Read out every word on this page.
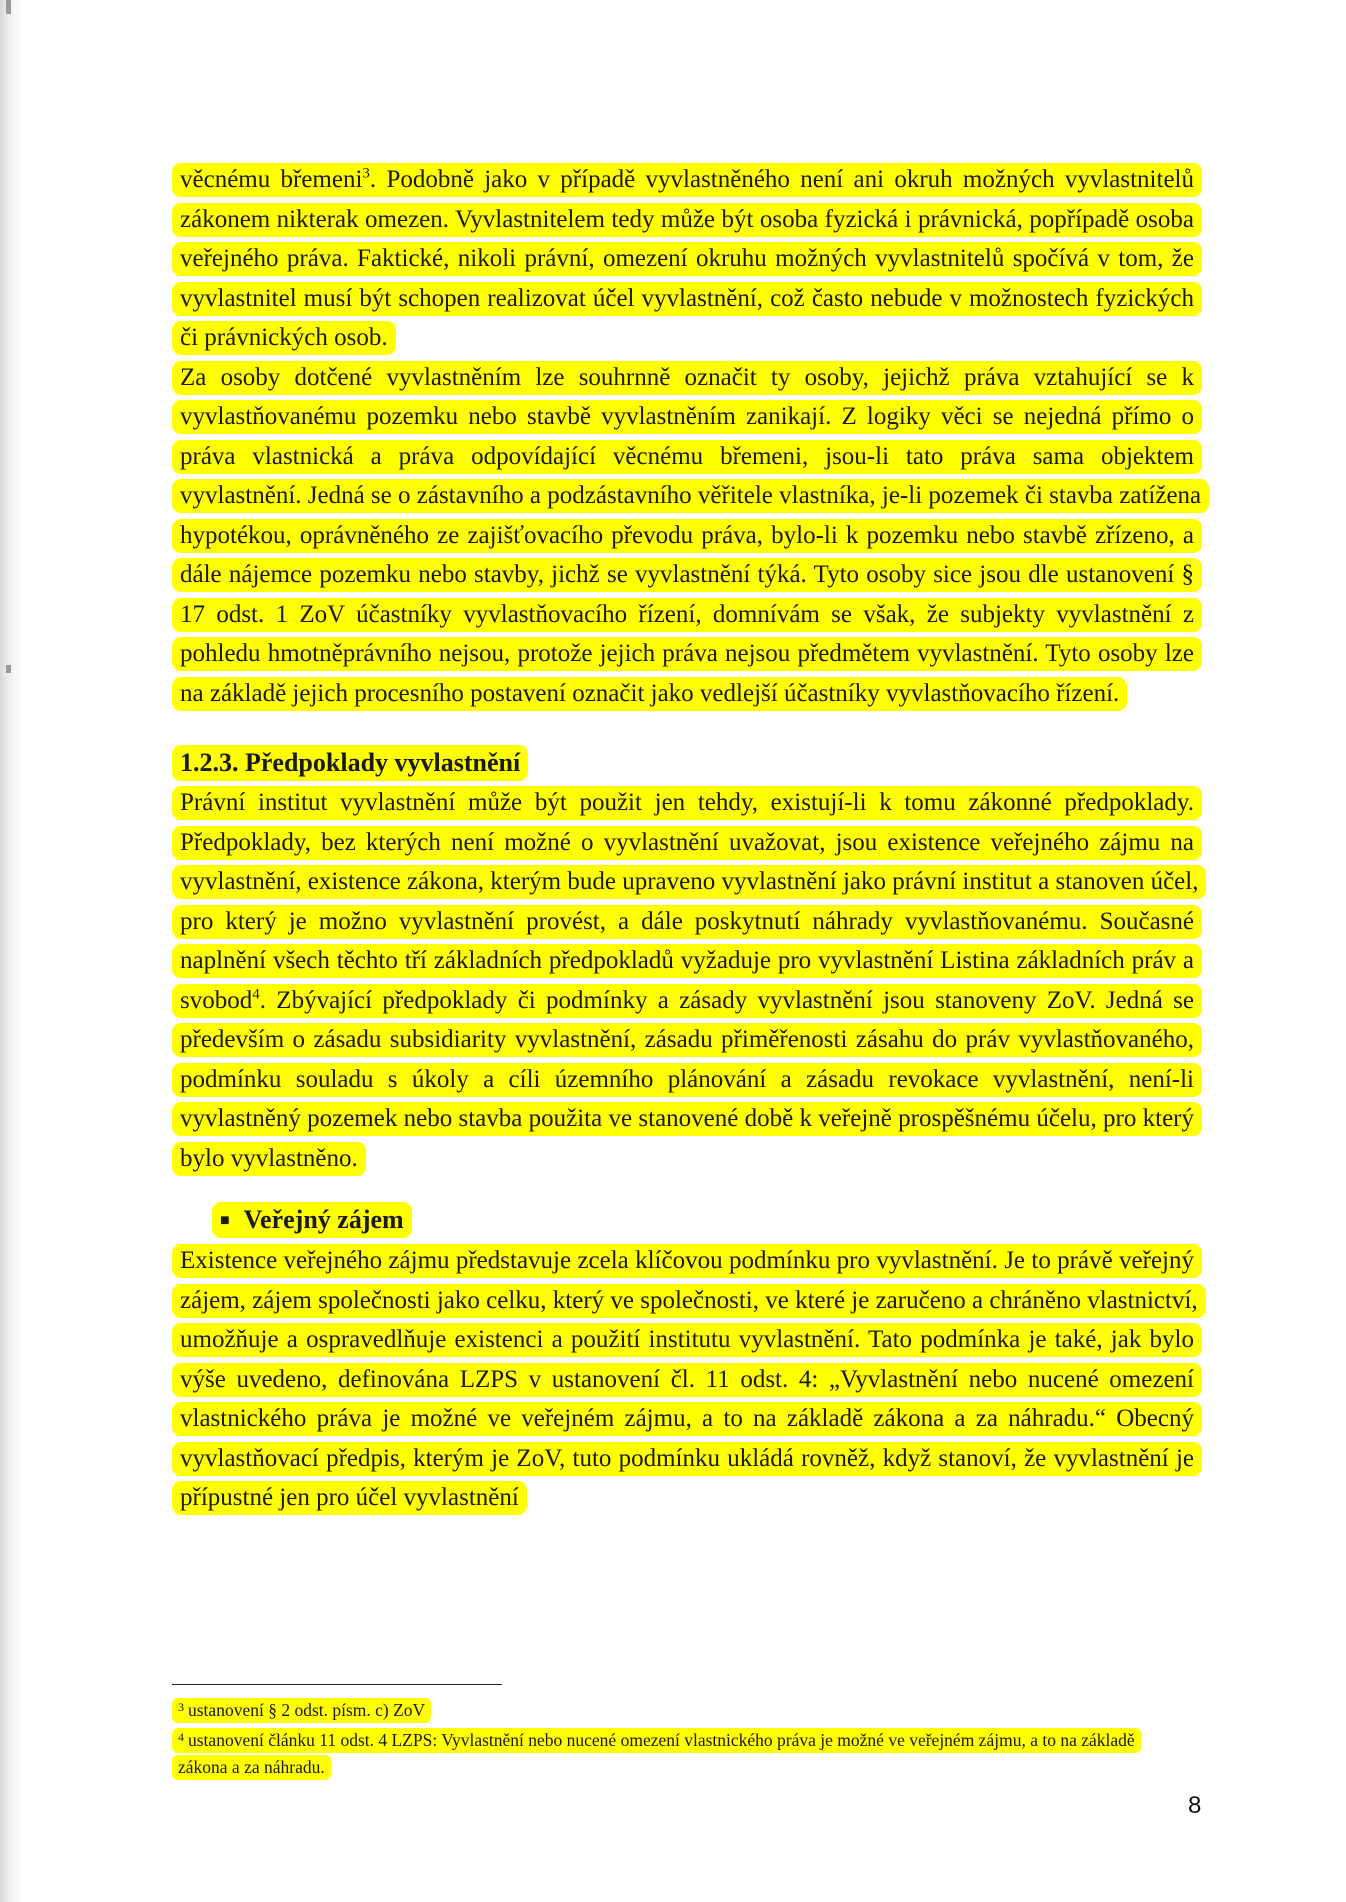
věcnému břemeni$^3$. Podobně jako v případě vyvlastněného není ani okruh možných vyvlastnitelů zákonem nikterak omezen. Vyvlastnitelem tedy může být osoba fyzická i právnická, popřípadě osoba veřejného práva. Faktické, nikoli právní, omezení okruhu možných vyvlastnitelů spočívá v tom, že vyvlastnitel musí být schopen realizovat účel vyvlastnění, což často nebude v možnostech fyzických či právnických osob.

Za osoby dotčené vyvlastněním lze souhrnně označit ty osoby, jejichž práva vztahující se k vyvlastňovanému pozemku nebo stavbě vyvlastněním zanikají. Z logiky věci se nejedná přímo o práva vlastnická a práva odpovídající věcnému břemeni, jsou-li tato práva sama objektem vyvlastnění. Jedná se o zástavního a podzástavního věřitele vlastníka, je-li pozemek či stavba zatížena hypotékou, oprávněného ze zajišťovacího převodu práva, bylo-li k pozemku nebo stavbě zřízeno, a dále nájemce pozemku nebo stavby, jichž se vyvlastnění týká. Tyto osoby sice jsou dle ustanovení § 17 odst. 1 ZoV účastníky vyvlastňovacího řízení, domnívám se však, že subjekty vyvlastnění z pohledu hmotněprávního nejsou, protože jejich práva nejsou předmětem vyvlastnění. Tyto osoby lze na základě jejich procesního postavení označit jako vedlejší účastníky vyvlastňovacího řízení.

1.2.3. Předpoklady vyvlastnění

Právní institut vyvlastnění může být použit jen tehdy, existují-li k tomu zákonné předpoklady. Předpoklady, bez kterých není možné o vyvlastnění uvažovat, jsou existence veřejného zájmu na vyvlastnění, existence zákona, kterým bude upraveno vyvlastnění jako právní institut a stanoven účel, pro který je možno vyvlastnění provést, a dále poskytnutí náhrady vyvlastňovanému. Současné naplnění všech těchto tří základních předpokladů vyžaduje pro vyvlastnění Listina základních práv a svobod$^4$. Zbývající předpoklady či podmínky a zásady vyvlastnění jsou stanoveny ZoV. Jedná se především o zásadu subsidiarity vyvlastnění, zásadu přiměřenosti zásahu do práv vyvlastňovaného, podmínku souladu s úkoly a cíli územního plánování a zásadu revokace vyvlastnění, není-li vyvlastněný pozemek nebo stavba použita ve stanovené době k veřejně prospěšnému účelu, pro který bylo vyvlastněno.

■ Veřejný zájem

Existence veřejného zájmu představuje zcela klíčovou podmínku pro vyvlastnění. Je to právě veřejný zájem, zájem společnosti jako celku, který ve společnosti, ve které je zaručeno a chráněno vlastnictví, umožňuje a ospravedlňuje existenci a použití institutu vyvlastnění. Tato podmínka je také, jak bylo výše uvedeno, definována LZPS v ustanovení čl. 11 odst. 4: „Vyvlastnění nebo nucené omezení vlastnického práva je možné ve veřejném zájmu, a to na základě zákona a za náhradu.“ Obecný vyvlastňovací předpis, kterým je ZoV, tuto podmínku ukládá rovněž, když stanoví, že vyvlastnění je přípustné jen pro účel vyvlastnění

$^3$ ustanovení § 2 odst. písm. c) ZoV

$^4$ ustanovení článku 11 odst. 4 LZPS: Vyvlastnění nebo nucené omezení vlastnického práva je možné ve veřejném zájmu, a to na základě zákona a za náhradu.

8
